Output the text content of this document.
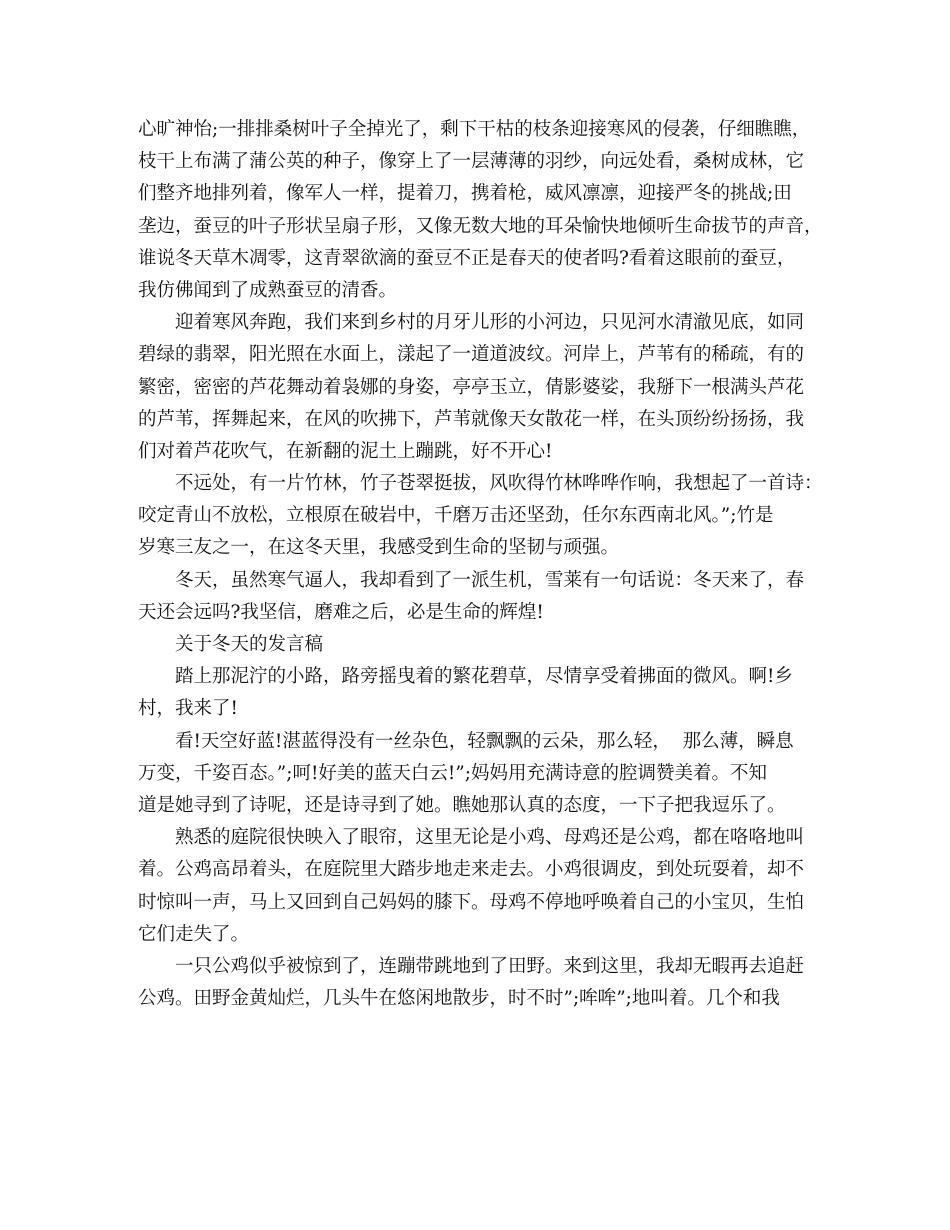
心旷神怡;一排排桑树叶子全掉光了，剩下干枯的枝条迎接寒风的侵袭，仔细瞧瞧，
枝干上布满了蒲公英的种子，像穿上了一层薄薄的羽纱，向远处看，桑树成林，它
们整齐地排列着，像军人一样，提着刀，携着枪，威风凛凛，迎接严冬的挑战;田
垄边，蚕豆的叶子形状呈扇子形，又像无数大地的耳朵愉快地倾听生命拔节的声音，
谁说冬天草木凋零，这青翠欲滴的蚕豆不正是春天的使者吗?看着这眼前的蚕豆，
我仿佛闻到了成熟蚕豆的清香。
迎着寒风奔跑，我们来到乡村的月牙儿形的小河边，只见河水清澈见底，如同
碧绿的翡翠，阳光照在水面上，漾起了一道道波纹。河岸上，芦苇有的稀疏，有的
繁密，密密的芦花舞动着袅娜的身姿，亭亭玉立，倩影婆娑，我掰下一根满头芦花
的芦苇，挥舞起来，在风的吹拂下，芦苇就像天女散花一样，在头顶纷纷扬扬，我
们对着芦花吹气，在新翻的泥土上蹦跳，好不开心!
不远处，有一片竹林，竹子苍翠挺拔，风吹得竹林哗哗作响，我想起了一首诗：
咬定青山不放松，立根原在破岩中，千磨万击还坚劲，任尔东西南北风。”;竹是
岁寒三友之一，在这冬天里，我感受到生命的坚韧与顽强。
冬天，虽然寒气逼人，我却看到了一派生机，雪莱有一句话说：冬天来了，春
天还会远吗?我坚信，磨难之后，必是生命的辉煌!
关于冬天的发言稿
踏上那泥泞的小路，路旁摇曳着的繁花碧草，尽情享受着拂面的微风。啊!乡
村，我来了!
看!天空好蓝!湛蓝得没有一丝杂色，轻飘飘的云朵，那么轻，  那么薄，瞬息
万变，千姿百态。”;呵!好美的蓝天白云!”;妈妈用充满诗意的腔调赞美着。不知
道是她寻到了诗呢，还是诗寻到了她。瞧她那认真的态度，一下子把我逗乐了。
熟悉的庭院很快映入了眼帘，这里无论是小鸡、母鸡还是公鸡，都在咯咯地叫
着。公鸡高昂着头，在庭院里大踏步地走来走去。小鸡很调皮，到处玩耍着，却不
时惊叫一声，马上又回到自己妈妈的膝下。母鸡不停地呼唤着自己的小宝贝，生怕
它们走失了。
一只公鸡似乎被惊到了，连蹦带跳地到了田野。来到这里，我却无暇再去追赶
公鸡。田野金黄灿烂，几头牛在悠闲地散步，时不时”;哞哞”;地叫着。几个和我
